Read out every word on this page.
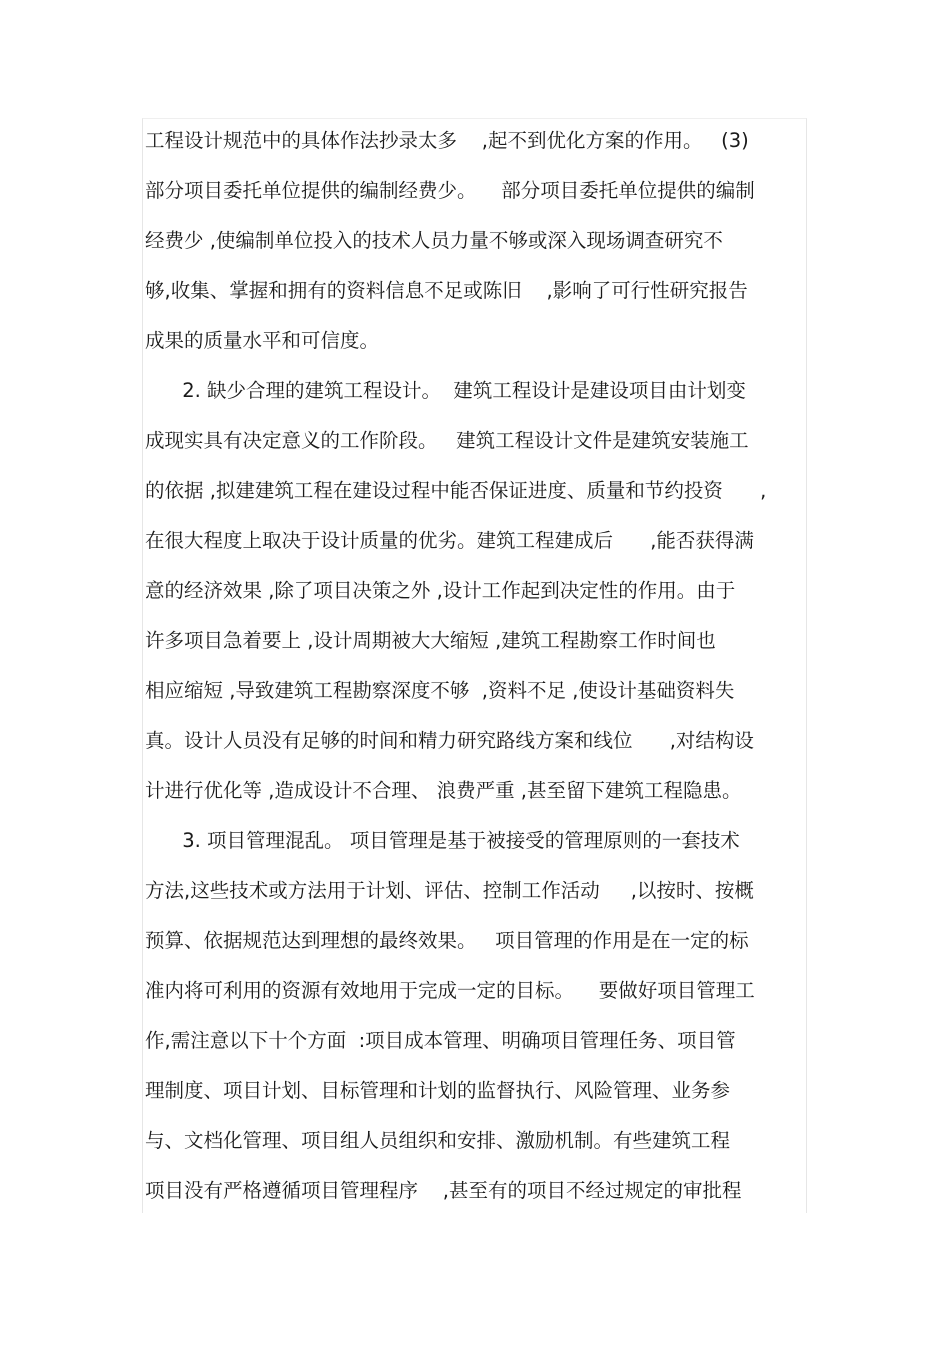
工程设计规范中的具体作法抄录太多    ,起不到优化方案的作用。   (3)
部分项目委托单位提供的编制经费少。    部分项目委托单位提供的编制
经费少 ,使编制单位投入的技术人员力量不够或深入现场调查研究不
够,收集、掌握和拥有的资料信息不足或陈旧    ,影响了可行性研究报告
成果的质量水平和可信度。
2. 缺少合理的建筑工程设计。  建筑工程设计是建设项目由计划变
成现实具有决定意义的工作阶段。   建筑工程设计文件是建筑安装施工
的依据 ,拟建建筑工程在建设过程中能否保证进度、质量和节约投资      ,
在很大程度上取决于设计质量的优劣。建筑工程建成后      ,能否获得满
意的经济效果 ,除了项目决策之外 ,设计工作起到决定性的作用。由于
许多项目急着要上 ,设计周期被大大缩短 ,建筑工程勘察工作时间也
相应缩短 ,导致建筑工程勘察深度不够  ,资料不足 ,使设计基础资料失
真。设计人员没有足够的时间和精力研究路线方案和线位      ,对结构设
计进行优化等 ,造成设计不合理、 浪费严重 ,甚至留下建筑工程隐患。
3. 项目管理混乱。 项目管理是基于被接受的管理原则的一套技术
方法,这些技术或方法用于计划、评估、控制工作活动     ,以按时、按概
预算、依据规范达到理想的最终效果。   项目管理的作用是在一定的标
准内将可利用的资源有效地用于完成一定的目标。    要做好项目管理工
作,需注意以下十个方面  :项目成本管理、明确项目管理任务、项目管
理制度、项目计划、目标管理和计划的监督执行、风险管理、业务参
与、文档化管理、项目组人员组织和安排、激励机制。有些建筑工程
项目没有严格遵循项目管理程序    ,甚至有的项目不经过规定的审批程
